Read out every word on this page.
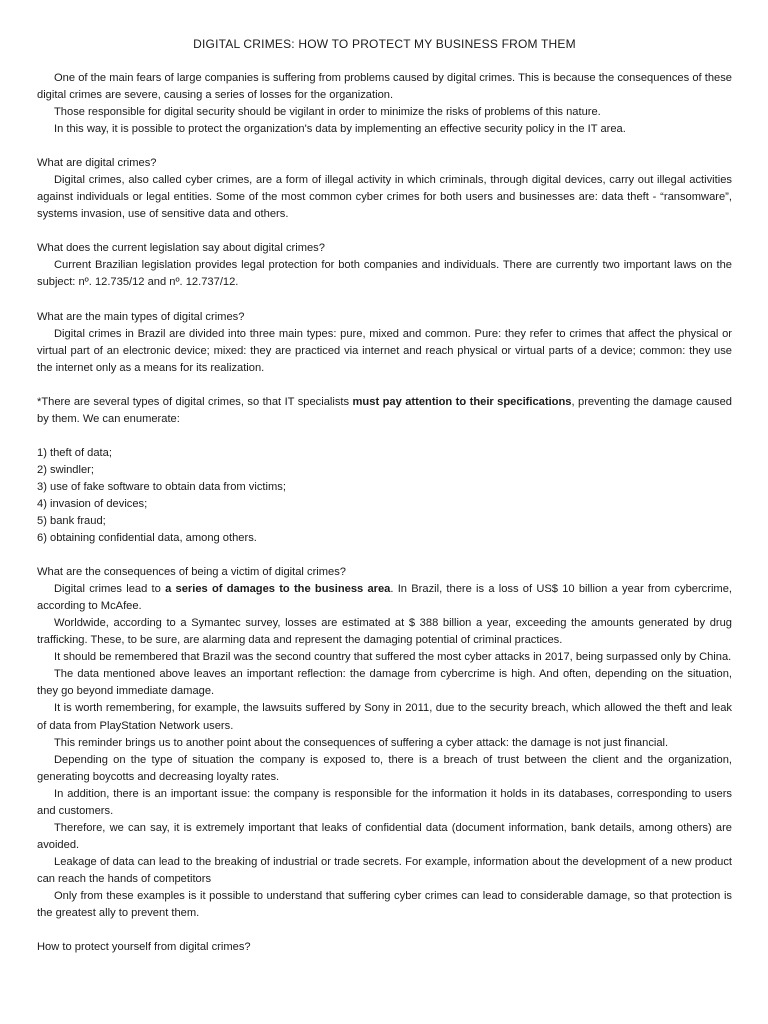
DIGITAL CRIMES: HOW TO PROTECT MY BUSINESS FROM THEM

One of the main fears of large companies is suffering from problems caused by digital crimes. This is because the consequences of these digital crimes are severe, causing a series of losses for the organization.

Those responsible for digital security should be vigilant in order to minimize the risks of problems of this nature.

In this way, it is possible to protect the organization's data by implementing an effective security policy in the IT area.

What are digital crimes?

Digital crimes, also called cyber crimes, are a form of illegal activity in which criminals, through digital devices, carry out illegal activities against individuals or legal entities. Some of the most common cyber crimes for both users and businesses are: data theft - “ransomware”, systems invasion, use of sensitive data and others.

What does the current legislation say about digital crimes?

Current Brazilian legislation provides legal protection for both companies and individuals. There are currently two important laws on the subject: nº. 12.735/12 and nº. 12.737/12.

What are the main types of digital crimes?

Digital crimes in Brazil are divided into three main types: pure, mixed and common. Pure: they refer to crimes that affect the physical or virtual part of an electronic device; mixed: they are practiced via internet and reach physical or virtual parts of a device; common: they use the internet only as a means for its realization.

*There are several types of digital crimes, so that IT specialists must pay attention to their specifications, preventing the damage caused by them. We can enumerate:

1) theft of data;
2) swindler;
3) use of fake software to obtain data from victims;
4) invasion of devices;
5) bank fraud;
6) obtaining confidential data, among others.

What are the consequences of being a victim of digital crimes?

Digital crimes lead to a series of damages to the business area. In Brazil, there is a loss of US$ 10 billion a year from cybercrime, according to McAfee.

Worldwide, according to a Symantec survey, losses are estimated at $ 388 billion a year, exceeding the amounts generated by drug trafficking. These, to be sure, are alarming data and represent the damaging potential of criminal practices.

It should be remembered that Brazil was the second country that suffered the most cyber attacks in 2017, being surpassed only by China.

The data mentioned above leaves an important reflection: the damage from cybercrime is high. And often, depending on the situation, they go beyond immediate damage.

It is worth remembering, for example, the lawsuits suffered by Sony in 2011, due to the security breach, which allowed the theft and leak of data from PlayStation Network users.

This reminder brings us to another point about the consequences of suffering a cyber attack: the damage is not just financial.

Depending on the type of situation the company is exposed to, there is a breach of trust between the client and the organization, generating boycotts and decreasing loyalty rates.

In addition, there is an important issue: the company is responsible for the information it holds in its databases, corresponding to users and customers.

Therefore, we can say, it is extremely important that leaks of confidential data (document information, bank details, among others) are avoided.

Leakage of data can lead to the breaking of industrial or trade secrets. For example, information about the development of a new product can reach the hands of competitors

Only from these examples is it possible to understand that suffering cyber crimes can lead to considerable damage, so that protection is the greatest ally to prevent them.

How to protect yourself from digital crimes?
